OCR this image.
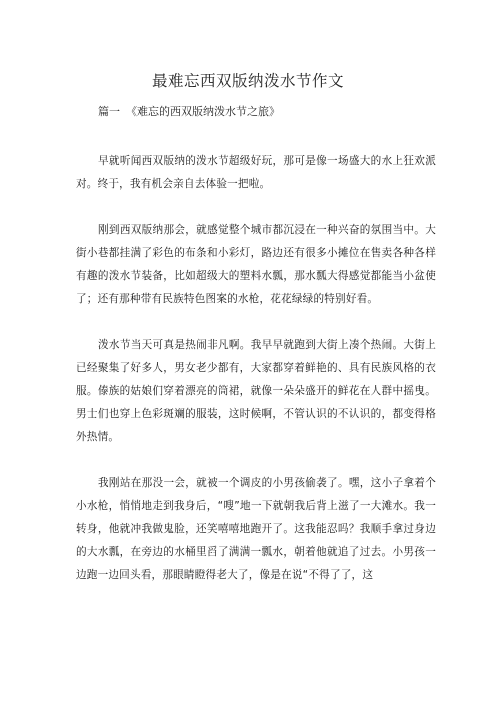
最难忘西双版纳泼水节作文
篇一 《难忘的西双版纳泼水节之旅》

早就听闻西双版纳的泼水节超级好玩，那可是像一场盛大的水上狂欢派对。终于，我有机会亲自去体验一把啦。

刚到西双版纳那会，就感觉整个城市都沉浸在一种兴奋的氛围当中。大街小巷都挂满了彩色的布条和小彩灯，路边还有很多小摊位在售卖各种各样有趣的泼水节装备，比如超级大的塑料水瓢，那水瓢大得感觉都能当小盆使了；还有那种带有民族特色图案的水枪，花花绿绿的特别好看。

泼水节当天可真是热闹非凡啊。我早早就跑到大街上凑个热闹。大街上已经聚集了好多人，男女老少都有，大家都穿着鲜艳的、具有民族风格的衣服。傣族的姑娘们穿着漂亮的筒裙，就像一朵朵盛开的鲜花在人群中摇曳。男士们也穿上色彩斑斓的服装，这时候啊，不管认识的不认识的，都变得格外热情。

我刚站在那没一会，就被一个调皮的小男孩偷袭了。嘿，这小子拿着个小水枪，悄悄地走到我身后，“嗖”地一下就朝我后背上滋了一大滩水。我一转身，他就冲我做鬼脸，还笑嘻嘻地跑开了。这我能忍吗？我顺手拿过身边的大水瓢，在旁边的水桶里舀了满满一瓢水，朝着他就追了过去。小男孩一边跑一边回头看，那眼睛瞪得老大了，像是在说“不得了了，这
